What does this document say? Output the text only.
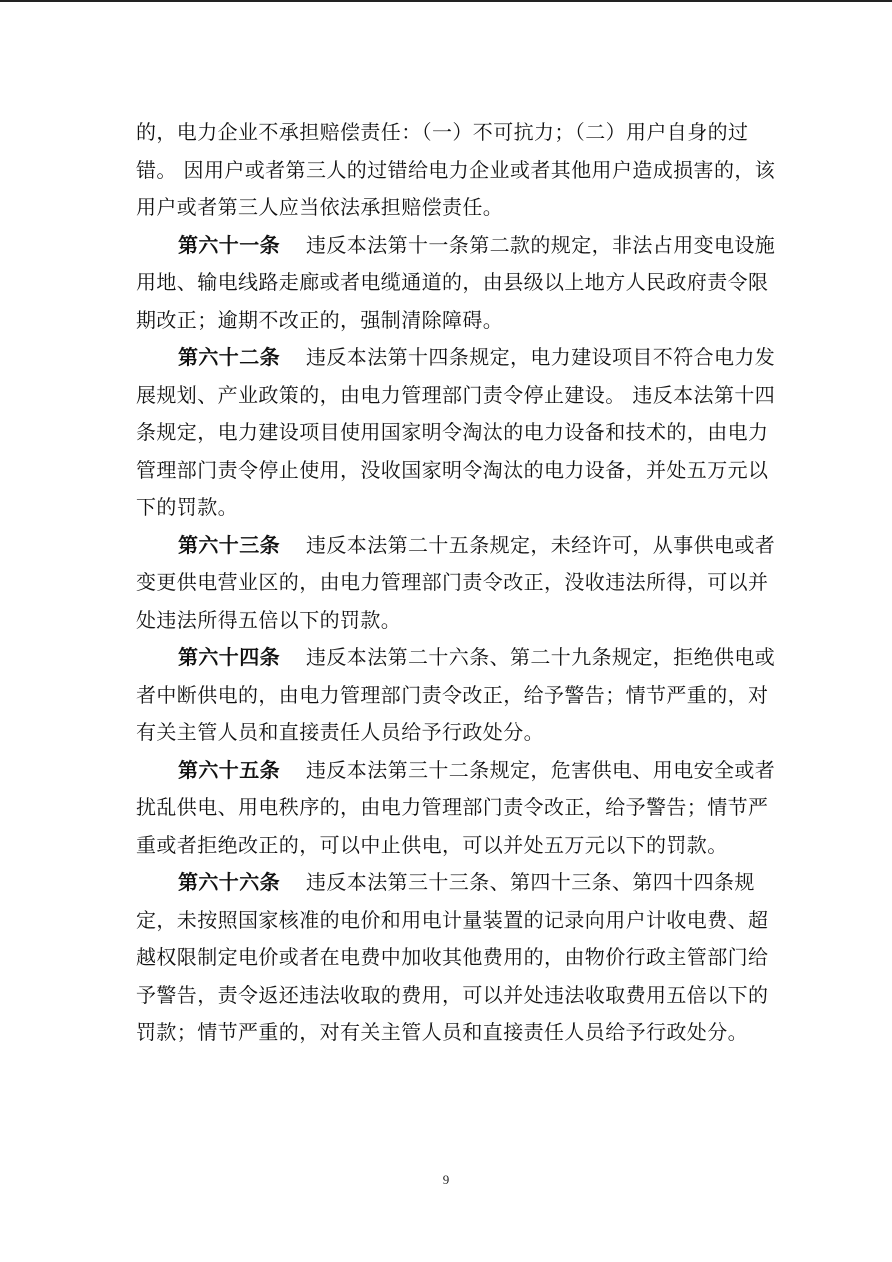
的，电力企业不承担赔偿责任：（一）不可抗力；（二）用户自身的过错。 因用户或者第三人的过错给电力企业或者其他用户造成损害的，该用户或者第三人应当依法承担赔偿责任。

第六十一条 违反本法第十一条第二款的规定，非法占用变电设施用地、输电线路走廊或者电缆通道的，由县级以上地方人民政府责令限期改正；逾期不改正的，强制清除障碍。

第六十二条 违反本法第十四条规定，电力建设项目不符合电力发展规划、产业政策的，由电力管理部门责令停止建设。 违反本法第十四条规定，电力建设项目使用国家明令淘汰的电力设备和技术的，由电力管理部门责令停止使用，没收国家明令淘汰的电力设备，并处五万元以下的罚款。

第六十三条 违反本法第二十五条规定，未经许可，从事供电或者变更供电营业区的，由电力管理部门责令改正，没收违法所得，可以并处违法所得五倍以下的罚款。

第六十四条 违反本法第二十六条、第二十九条规定，拒绝供电或者中断供电的，由电力管理部门责令改正，给予警告；情节严重的，对有关主管人员和直接责任人员给予行政处分。

第六十五条 违反本法第三十二条规定，危害供电、用电安全或者扰乱供电、用电秩序的，由电力管理部门责令改正，给予警告；情节严重或者拒绝改正的，可以中止供电，可以并处五万元以下的罚款。

第六十六条 违反本法第三十三条、第四十三条、第四十四条规定，未按照国家核准的电价和用电计量装置的记录向用户计收电费、超越权限制定电价或者在电费中加收其他费用的，由物价行政主管部门给予警告，责令返还违法收取的费用，可以并处违法收取费用五倍以下的罚款；情节严重的，对有关主管人员和直接责任人员给予行政处分。

9
